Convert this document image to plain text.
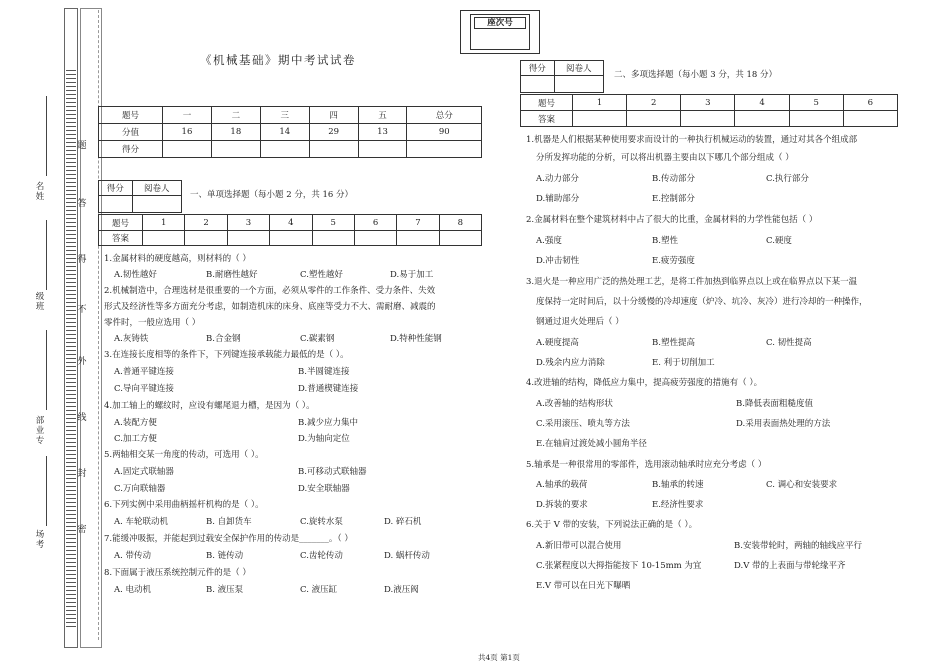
题
答
得
不
外
线
封
密
名
姓
级
班
部
业
专
场
考
座次号
《机械基础》期中考试试卷
题号	一	二	三	四	五	总分
分值	16	18	14	29	13	90
得分						
得分	阅卷人

一、单项选择题（每小题 2 分，共 16 分）
题号	1	2	3	4	5	6	7	8
答案								
1.金属材料的硬度越高，则材料的（ ）
A.韧性越好	B.耐磨性越好	C.塑性越好	D.易于加工
2.机械制造中，合理选材是很重要的一个方面，必须从零件的工作条件、受力条件、失效
形式及经济性等多方面充分考虑，如制造机床的床身、底座等受力不大、需耐磨、减震的
零件时，一般应选用（ ）
A.灰铸铁	B.合金钢	C.碳素钢	D.特种性能钢
3.在连接长度相等的条件下，下列键连接承载能力最低的是（ ）。
A.普通平键连接	B.半圆键连接
C.导向平键连接	D.普通楔键连接
4.加工轴上的螺纹时，应设有螺尾退力槽，是因为（ ）。
A.装配方便	B.减少应力集中
C.加工方便	D.为轴向定位
5.两轴相交某一角度的传动，可选用（ ）。
A.固定式联轴器	B.可移动式联轴器
C.万向联轴器	D.安全联轴器
6.下列实例中采用曲柄摇杆机构的是（ ）。
A. 车轮联动机	B. 自卸货车	C.旋转水泵	D. 碎石机
7.能缓冲吸振，并能起到过载安全保护作用的传动是_______。（ ）
A. 带传动	B. 链传动	C.齿轮传动	D. 蜗杆传动
8.下面属于液压系统控制元件的是（ ）
A. 电动机	B. 液压泵	C. 液压缸	D.液压阀
得分	阅卷人

二、多项选择题（每小题 3 分，共 18 分）
题号	1	2	3	4	5	6
答案						
1.机器是人们根据某种使用要求而设计的一种执行机械运动的装置，通过对其各个组成部
分所发挥功能的分析，可以将出机器主要由以下哪几个部分组成（ ）
A.动力部分	B.传动部分	C.执行部分
D.辅助部分	E.控制部分
2.金属材料在整个建筑材料中占了很大的比重，金属材料的力学性能包括（ ）
A.强度	B.塑性	C.硬度
D.冲击韧性	E.疲劳强度
3.退火是一种应用广泛的热处理工艺，是将工件加热到临界点以上或在临界点以下某一温
度保持一定时间后，以十分缓慢的冷却速度（炉冷、坑冷、灰冷）进行冷却的一种操作，
钢通过退火处理后（ ）
A.硬度提高	B.塑性提高	C. 韧性提高
D.残余内应力消除	E. 利于切削加工
4.改进轴的结构，降低应力集中，提高疲劳强度的措施有（ ）。
A.改善轴的结构形状	B.降低表面粗糙度值
C.采用滚压、喷丸等方法	D.采用表面热处理的方法
E.在轴肩过渡处减小圆角半径
5.轴承是一种很常用的零部件，选用滚动轴承时应充分考虑（ ）
A.轴承的载荷	B.轴承的转速	C. 调心和安装要求
D.拆装的要求	E.经济性要求
6.关于 V 带的安装，下列说法正确的是（ ）。
A.新旧带可以混合使用	B.安装带轮时，两轴的轴线应平行
C.张紧程度以大拇指能按下 10-15mm 为宜	D.V 带的上表面与带轮缘平齐
E.V 带可以在日光下曝晒
共4页 第1页
